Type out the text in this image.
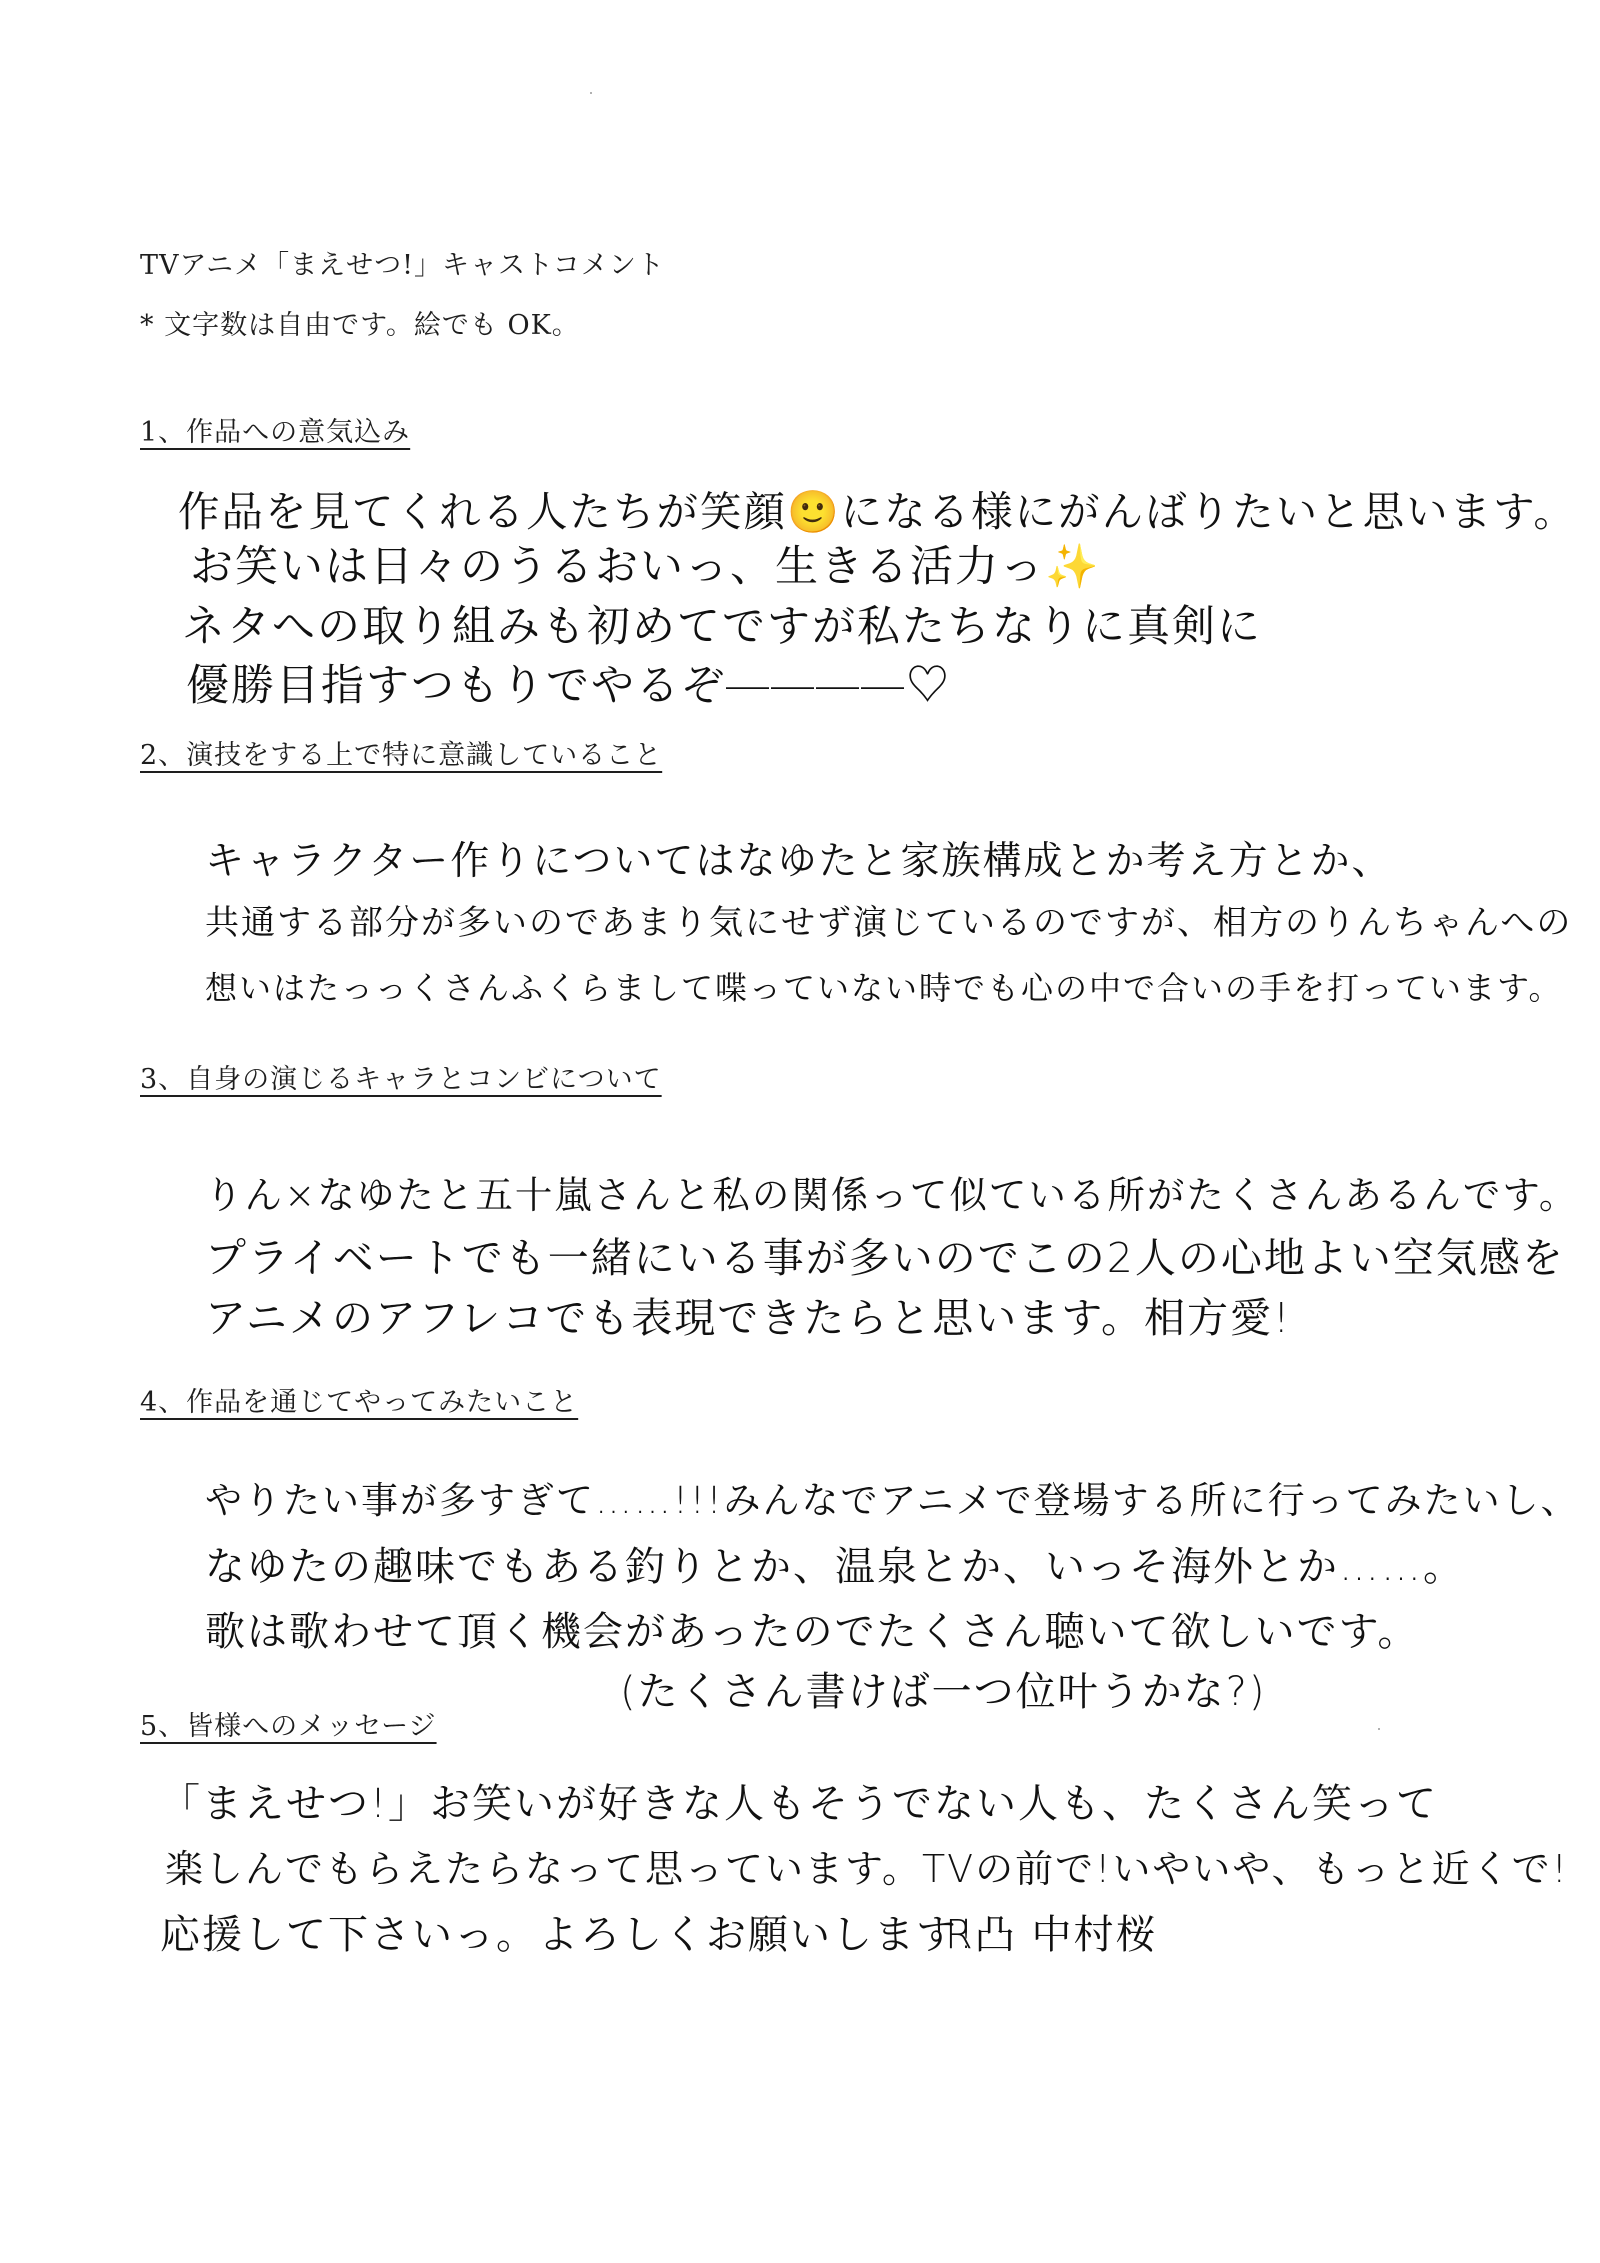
TVアニメ「まえせつ!」キャストコメント
* 文字数は自由です。絵でも OK。
1、作品への意気込み
作品を見てくれる人たちが笑顔🙂になる様にがんばりたいと思います。
お笑いは日々のうるおいっ、生きる活力っ✨
ネタへの取り組みも初めてですが私たちなりに真剣に
優勝目指すつもりでやるぞ――――♡
2、演技をする上で特に意識していること
キャラクター作りについてはなゆたと家族構成とか考え方とか、
共通する部分が多いのであまり気にせず演じているのですが、相方のりんちゃんへの
想いはたっっくさんふくらまして喋っていない時でも心の中で合いの手を打っています。
3、自身の演じるキャラとコンビについて
りん×なゆたと五十嵐さんと私の関係って似ている所がたくさんあるんです。
プライベートでも一緒にいる事が多いのでこの2人の心地よい空気感を
アニメのアフレコでも表現できたらと思います。相方愛!
4、作品を通じてやってみたいこと
やりたい事が多すぎて……!!!みんなでアニメで登場する所に行ってみたいし、
なゆたの趣味でもある釣りとか、温泉とか、いっそ海外とか……。
歌は歌わせて頂く機会があったのでたくさん聴いて欲しいです。
(たくさん書けば一つ位叶うかな?)
5、皆様へのメッセージ
「まえせつ!」お笑いが好きな人もそうでない人も、たくさん笑って
楽しんでもらえたらなって思っています。TVの前で!いやいや、もっと近くで!
応援して下さいっ。よろしくお願いします!
R凸 中村桜
